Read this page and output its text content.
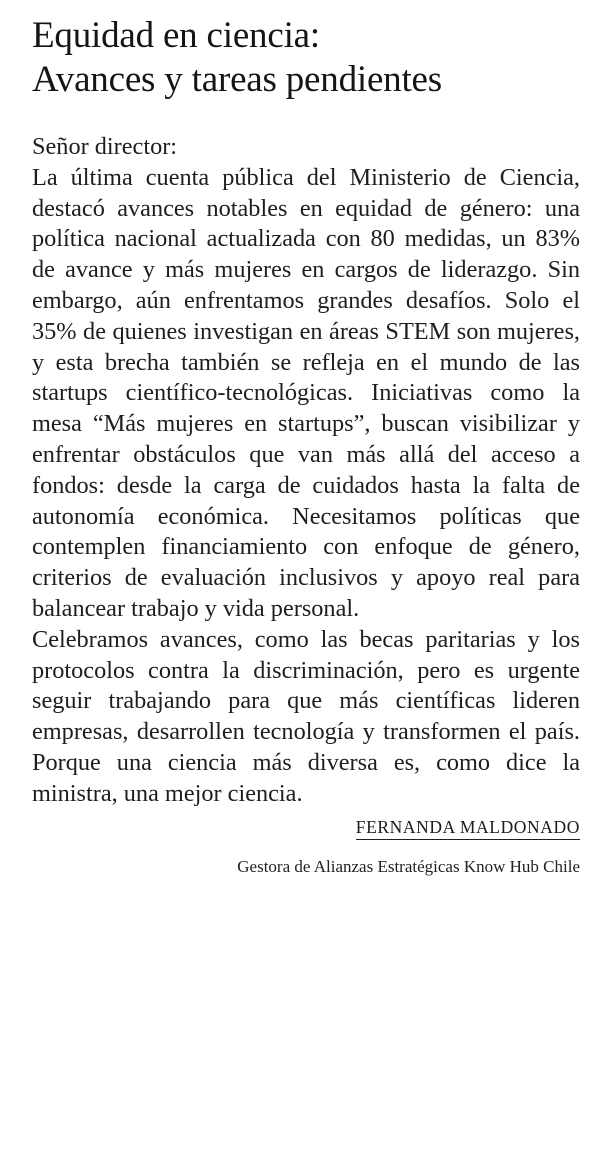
Equidad en ciencia:
Avances y tareas pendientes

Señor director:

La última cuenta pública del Ministerio de Ciencia, destacó avances notables en equidad de género: una política nacional actualizada con 80 medidas, un 83% de avance y más mujeres en cargos de liderazgo. Sin embargo, aún enfrentamos grandes desafíos. Solo el 35% de quienes investigan en áreas STEM son mujeres, y esta brecha también se refleja en el mundo de las startups científico-tecnológicas. Iniciativas como la mesa “Más mujeres en startups”, buscan visibilizar y enfrentar obstáculos que van más allá del acceso a fondos: desde la carga de cuidados hasta la falta de autonomía económica. Necesitamos políticas que contemplen financiamiento con enfoque de género, criterios de evaluación inclusivos y apoyo real para balancear trabajo y vida personal.

Celebramos avances, como las becas paritarias y los protocolos contra la discriminación, pero es urgente seguir trabajando para que más científicas lideren empresas, desarrollen tecnología y transformen el país. Porque una ciencia más diversa es, como dice la ministra, una mejor ciencia.

FERNANDA MALDONADO
Gestora de Alianzas Estratégicas Know Hub Chile
